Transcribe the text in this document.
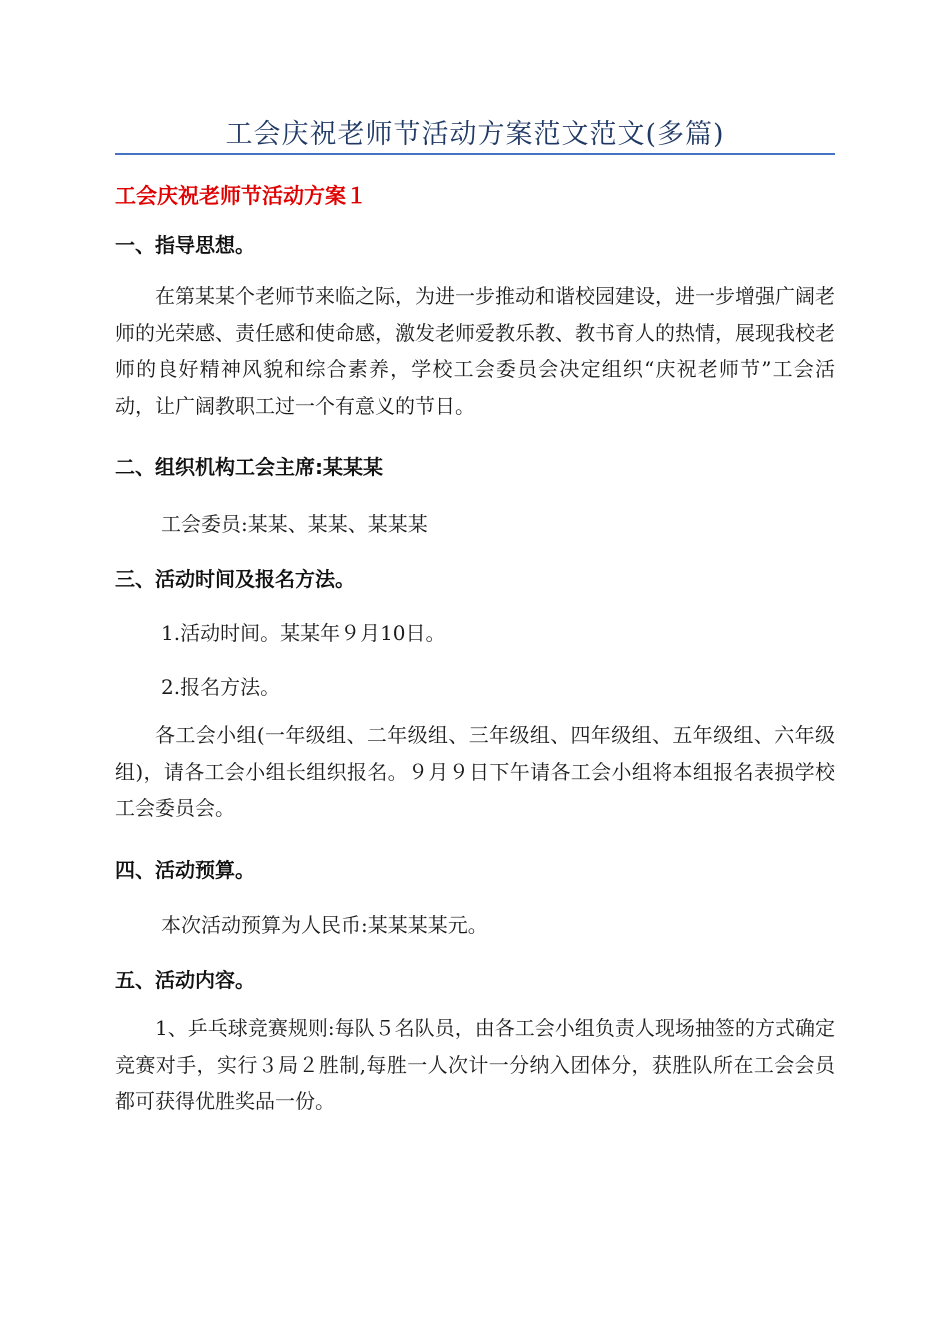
工会庆祝老师节活动方案范文范文(多篇)
工会庆祝老师节活动方案１
一、指导思想。
在第某某个老师节来临之际，为进一步推动和谐校园建设，进一步增强广阔老师的光荣感、责任感和使命感，激发老师爱教乐教、教书育人的热情，展现我校老师的良好精神风貌和综合素养，学校工会委员会决定组织“庆祝老师节”工会活动，让广阔教职工过一个有意义的节日。
二、组织机构工会主席:某某某
工会委员:某某、某某、某某某
三、活动时间及报名方法。
1.活动时间。某某年９月10日。
2.报名方法。
各工会小组(一年级组、二年级组、三年级组、四年级组、五年级组、六年级组)，请各工会小组长组织报名。９月９日下午请各工会小组将本组报名表损学校工会委员会。
四、活动预算。
本次活动预算为人民币:某某某某元。
五、活动内容。
1、乒乓球竞赛规则:每队５名队员，由各工会小组负责人现场抽签的方式确定竞赛对手，实行３局２胜制,每胜一人次计一分纳入团体分，获胜队所在工会会员都可获得优胜奖品一份。
